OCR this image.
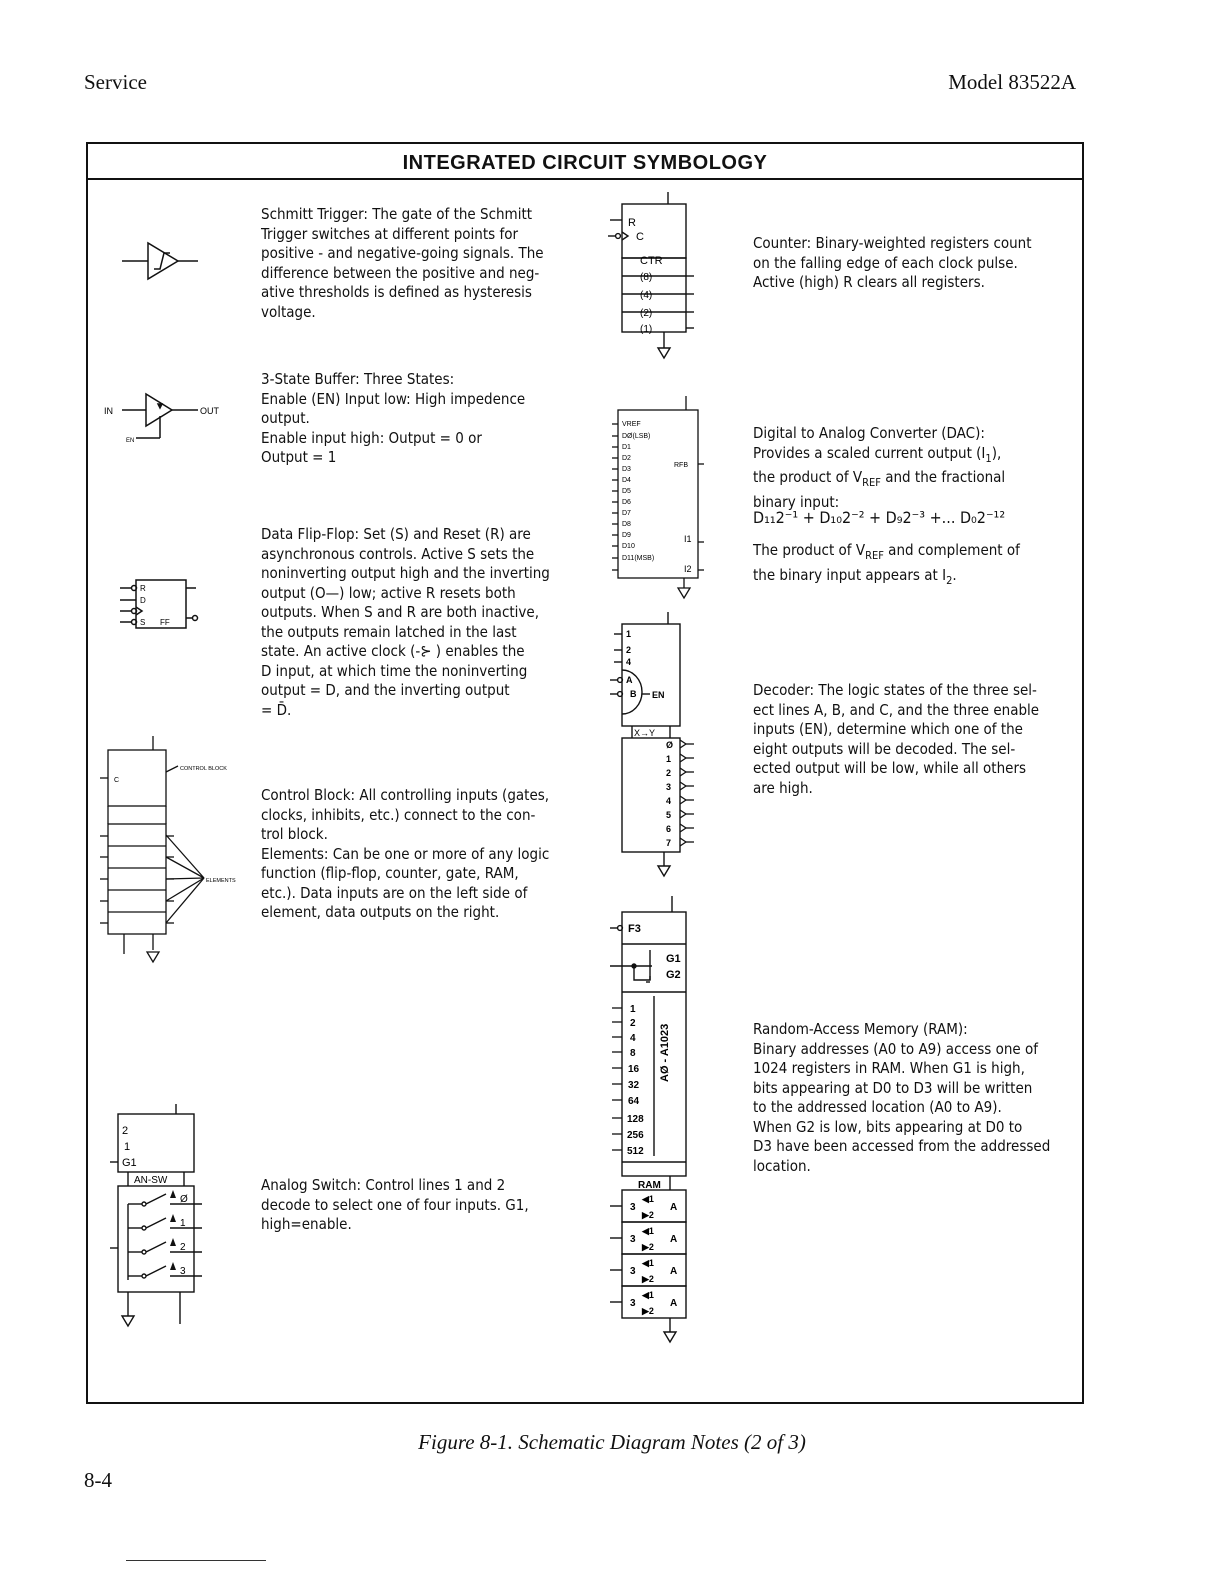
Service	Model 83522A
INTEGRATED CIRCUIT SYMBOLOGY
Schmitt Trigger: The gate of the Schmitt
Trigger switches at different points for
positive - and negative-going signals. The
difference between the positive and neg-
ative thresholds is defined as hysteresis
voltage.
3-State Buffer: Three States:
Enable (EN) Input low: High impedence
output.
Enable input high: Output = 0 or
Output = 1
Data Flip-Flop: Set (S) and Reset (R) are
asynchronous controls. Active S sets the
noninverting output high and the inverting
output (O—) low; active R resets both
outputs. When S and R are both inactive,
the outputs remain latched in the last
state. An active clock (-⊱ ) enables the
D input, at which time the noninverting
output = D, and the inverting output
= D̄.
Control Block: All controlling inputs (gates,
clocks, inhibits, etc.) connect to the con-
trol block.
Elements: Can be one or more of any logic
function (flip-flop, counter, gate, RAM,
etc.). Data inputs are on the left side of
element, data outputs on the right.
Analog Switch: Control lines 1 and 2
decode to select one of four inputs. G1,
high=enable.
Counter: Binary-weighted registers count
on the falling edge of each clock pulse.
Active (high) R clears all registers.
Digital to Analog Converter (DAC):
Provides a scaled current output $(I_1)$,
the product of $V_{REF}$ and the fractional
binary input:
D₁₁2⁻¹ + D₁₀2⁻² + D₉2⁻³ +... D₀2⁻¹²
The product of $V_{REF}$ and complement of
the binary input appears at $I_2$.
Decoder: The logic states of the three sel-
ect lines A, B, and C, and the three enable
inputs (EN), determine which one of the
eight outputs will be decoded. The sel-
ected output will be low, while all others
are high.
Random-Access Memory (RAM):
Binary addresses (A0 to A9) access one of
1024 registers in RAM. When G1 is high,
bits appearing at D0 to D3 will be written
to the addressed location (A0 to A9).
When G2 is low, bits appearing at D0 to
D3 have been accessed from the addressed
location.
IN	OUT
EN
R
D
S FF
CONTROL BLOCK
C
ELEMENTS
2
1
G1
AN-SW
Ø
1
2
3
R
C
CTR
(8)
(4)
(2)
(1)
VREF
DØ(LSB)
D1
D2
D3
D4
D5
D6
D7
D8
D9
D10
D11(MSB)
RFB
I1
I2
1
2
4
A
B EN
X→Y
Ø
1
2
3
4
5
6
7
F3
G1
G2
1
2
4
8
16
32
64
128
256
512
AØ - A1023
RAM
3
◀1
▶2
A
3
◀1
▶2
A
3
◀1
▶2
A
3
◀1
▶2
A
Figure 8-1. Schematic Diagram Notes (2 of 3)
8-4
